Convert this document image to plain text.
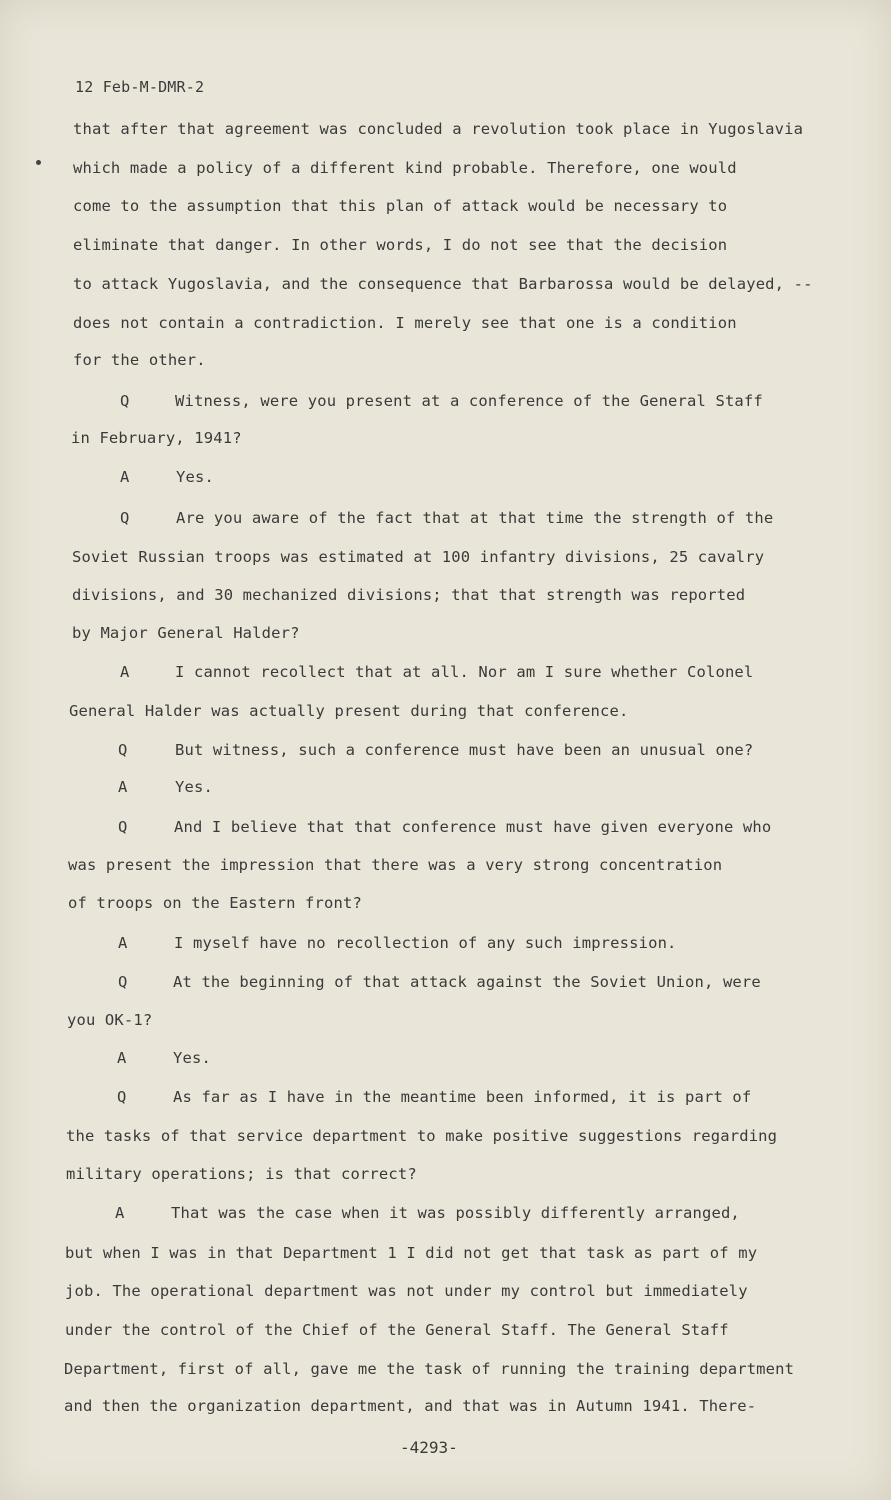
12 Feb-M-DMR-2
that after that agreement was concluded a revolution took place in Yugoslavia
which made a policy of a different kind probable. Therefore, one would
come to the assumption that this plan of attack would be necessary to
eliminate that danger. In other words, I do not see that the decision
to attack Yugoslavia, and the consequence that Barbarossa would be delayed, --
does not contain a contradiction. I merely see that one is a condition
for the other.
Q	Witness, were you present at a conference of the General Staff
in February, 1941?
A	Yes.
Q	Are you aware of the fact that at that time the strength of the
Soviet Russian troops was estimated at 100 infantry divisions, 25 cavalry
divisions, and 30 mechanized divisions; that that strength was reported
by Major General Halder?
A	I cannot recollect that at all. Nor am I sure whether Colonel
General Halder was actually present during that conference.
Q	But witness, such a conference must have been an unusual one?
A	Yes.
Q	And I believe that that conference must have given everyone who
was present the impression that there was a very strong concentration
of troops on the Eastern front?
A	I myself have no recollection of any such impression.
Q	At the beginning of that attack against the Soviet Union, were
you OK-1?
A	Yes.
Q	As far as I have in the meantime been informed, it is part of
the tasks of that service department to make positive suggestions regarding
military operations; is that correct?
A	That was the case when it was possibly differently arranged,
but when I was in that Department 1 I did not get that task as part of my
job. The operational department was not under my control but immediately
under the control of the Chief of the General Staff. The General Staff
Department, first of all, gave me the task of running the training department
and then the organization department, and that was in Autumn 1941. There-
-4293-
